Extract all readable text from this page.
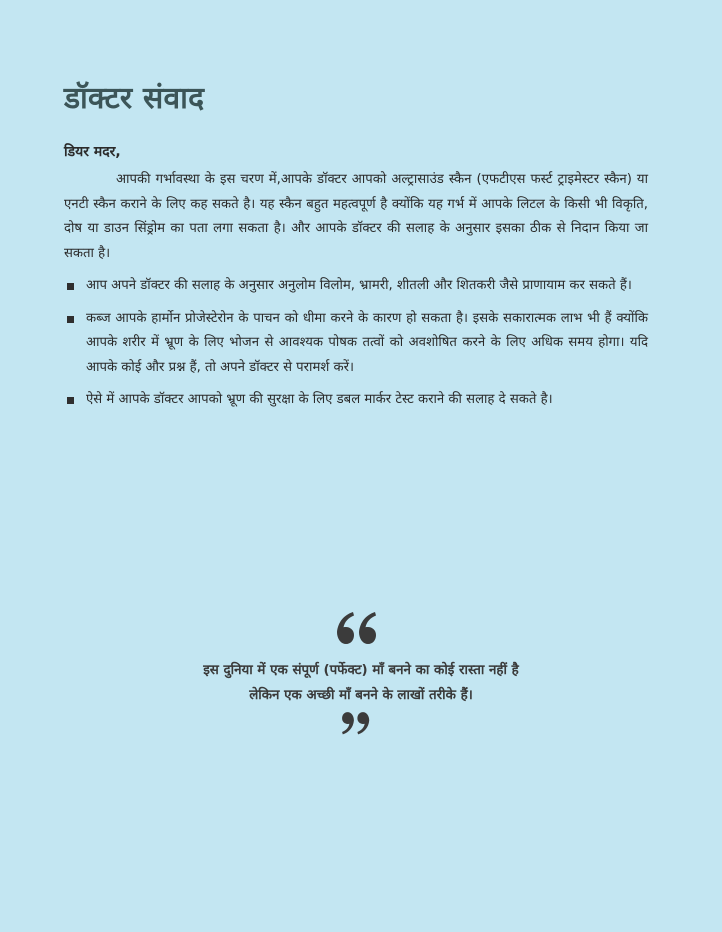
डॉक्टर संवाद

डियर मदर,

आपकी गर्भावस्था के इस चरण में,आपके डॉक्टर आपको अल्ट्रासाउंड स्कैन (एफटीएस फर्स्ट ट्राइमेस्टर स्कैन) या एनटी स्कैन कराने के लिए कह सकते है। यह स्कैन बहुत महत्वपूर्ण है क्योंकि यह गर्भ में आपके लिटल के किसी भी विकृति, दोष या डाउन सिंड्रोम का पता लगा सकता है। और आपके डॉक्टर की सलाह के अनुसार इसका ठीक से निदान किया जा सकता है।

आप अपने डॉक्टर की सलाह के अनुसार अनुलोम विलोम, भ्रामरी, शीतली और शितकरी जैसे प्राणायाम कर सकते हैं।
कब्ज आपके हार्मोन प्रोजेस्टेरोन के पाचन को धीमा करने के कारण हो सकता है। इसके सकारात्मक लाभ भी हैं क्योंकि आपके शरीर में भ्रूण के लिए भोजन से आवश्यक पोषक तत्वों को अवशोषित करने के लिए अधिक समय होगा। यदि आपके कोई और प्रश्न हैं, तो अपने डॉक्टर से परामर्श करें।
ऐसे में आपके डॉक्टर आपको भ्रूण की सुरक्षा के लिए डबल मार्कर टेस्ट कराने की सलाह दे सकते है।

इस दुनिया में एक संपूर्ण (पर्फेक्ट) माँ बनने का कोई रास्ता नहीं है
लेकिन एक अच्छी माँ बनने के लाखों तरीके हैं।
